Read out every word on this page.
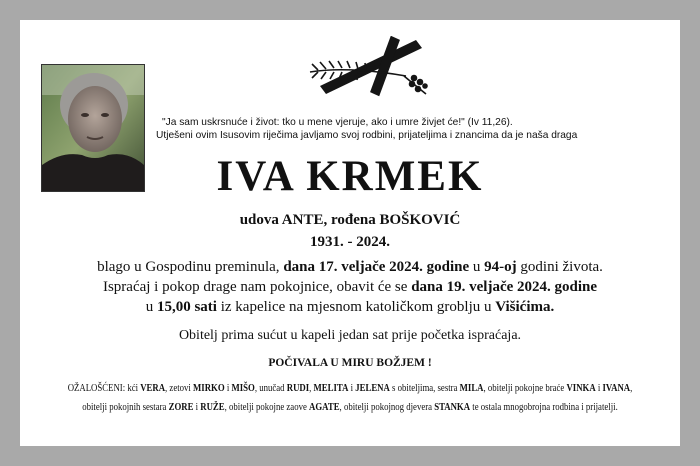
"Ja sam uskrsnuće i život: tko u mene vjeruje, ako i umre živjet će!" (Iv 11,26).
Utješeni ovim Isusovim riječima javljamo svoj rodbini, prijateljima i znancima da je naša draga
IVA KRMEK
udova ANTE, rođena BOŠKOVIĆ
1931. - 2024.
blago u Gospodinu preminula, dana 17. veljače 2024. godine u 94-oj godini života.
Ispraćaj i pokop drage nam pokojnice, obavit će se dana 19. veljače 2024. godine
u 15,00 sati iz kapelice na mjesnom katoličkom groblju u Višićima.
Obitelj prima sućut u kapeli jedan sat prije početka ispraćaja.
POČIVALA U MIRU BOŽJEM !
OŽALOŠĆENI: kći VERA, zetovi MIRKO i MIŠO, unučad RUDI, MELITA i JELENA s obiteljima, sestra MILA, obitelji pokojne braće VINKA i IVANA,
obitelji pokojnih sestara ZORE i RUŽE, obitelji pokojne zaove AGATE, obitelji pokojnog djevera STANKA te ostala mnogobrojna rodbina i prijatelji.
